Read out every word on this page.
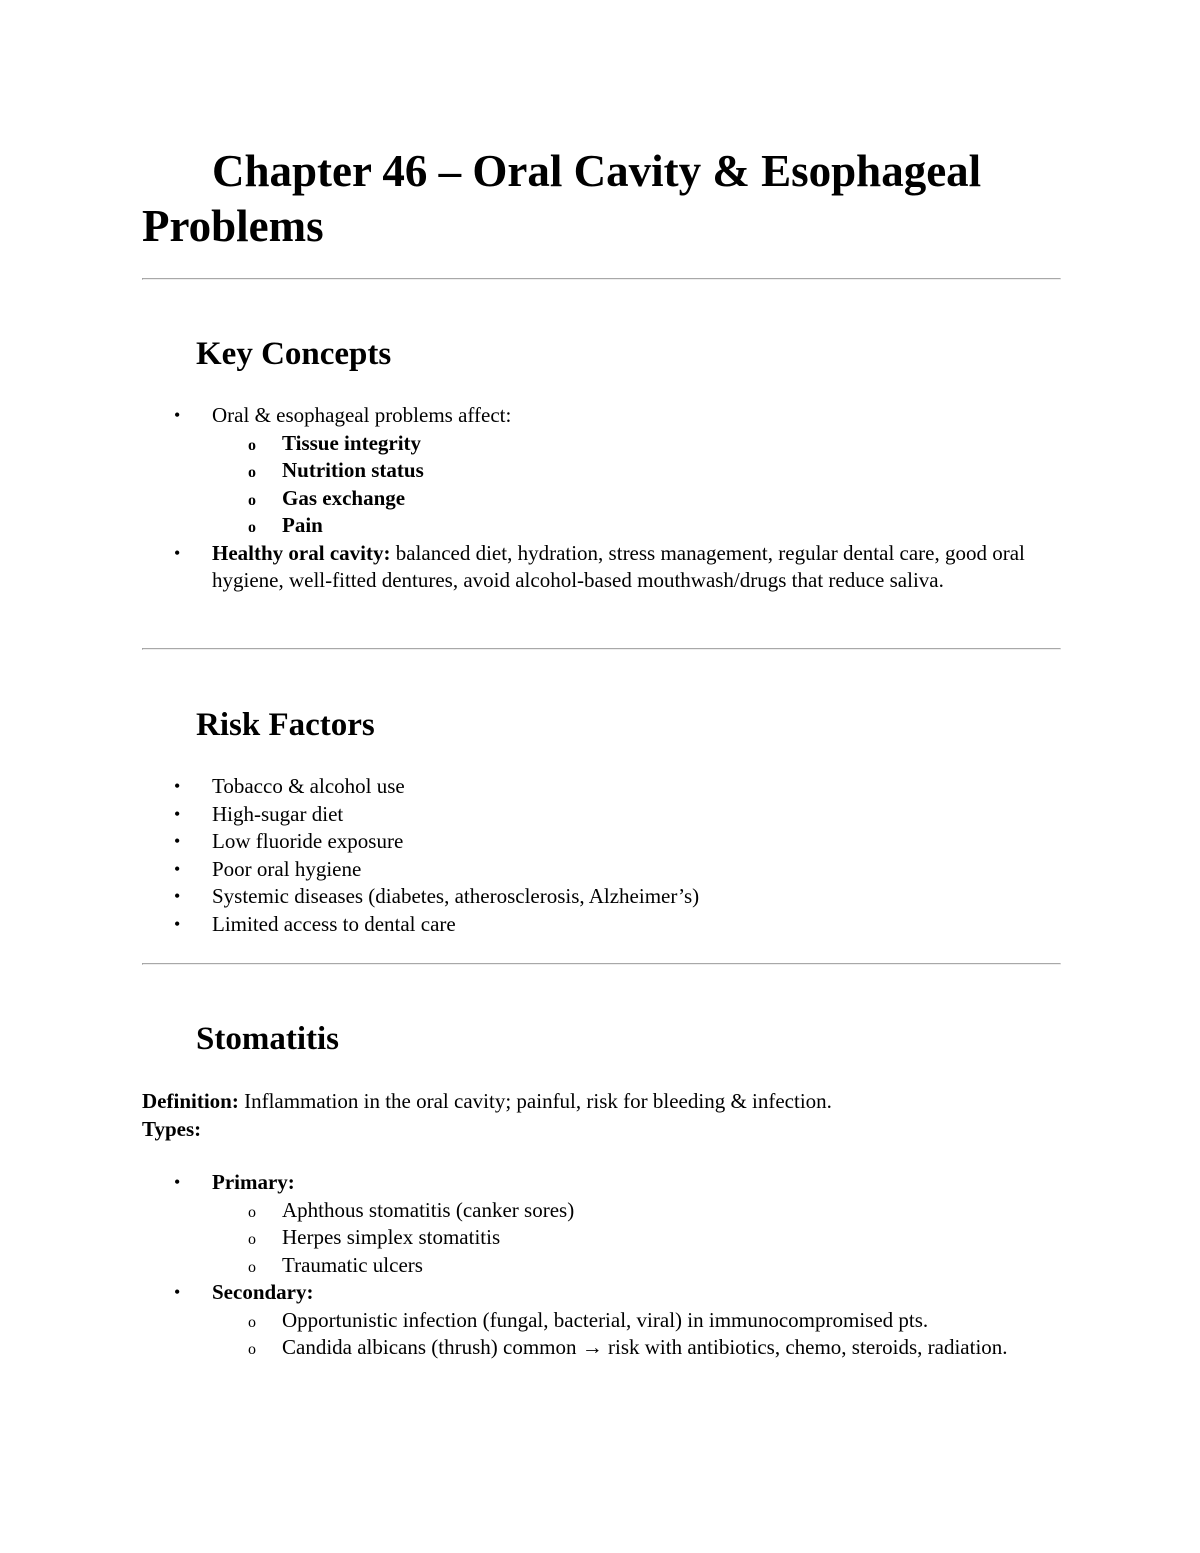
Chapter 46 – Oral Cavity & Esophageal Problems
Key Concepts
• Oral & esophageal problems affect:
o Tissue integrity
o Nutrition status
o Gas exchange
o Pain
• Healthy oral cavity: balanced diet, hydration, stress management, regular dental care, good oral hygiene, well-fitted dentures, avoid alcohol-based mouthwash/drugs that reduce saliva.
Risk Factors
• Tobacco & alcohol use
• High-sugar diet
• Low fluoride exposure
• Poor oral hygiene
• Systemic diseases (diabetes, atherosclerosis, Alzheimer’s)
• Limited access to dental care
Stomatitis

Definition: Inflammation in the oral cavity; painful, risk for bleeding & infection.
Types:

• Primary:
o Aphthous stomatitis (canker sores)
o Herpes simplex stomatitis
o Traumatic ulcers
• Secondary:
o Opportunistic infection (fungal, bacterial, viral) in immunocompromised pts.
o Candida albicans (thrush) common → risk with antibiotics, chemo, steroids, radiation.
